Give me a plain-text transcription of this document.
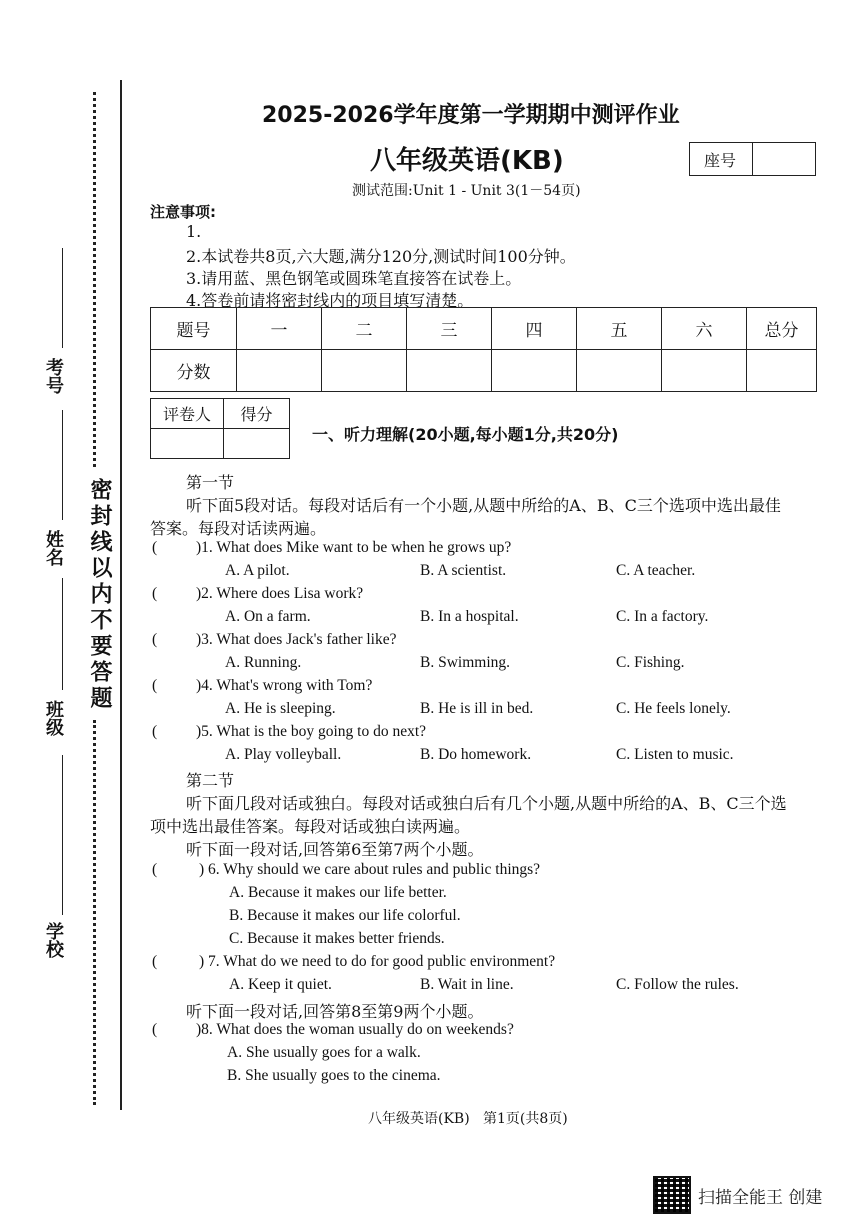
密封线以内不要答题
考号
姓名
班级
学校
2025-2026学年度第一学期期中测评作业
八年级英语(KB)	座号
测试范围:Unit 1 - Unit 3(1－54页)
注意事项:
1.
2.本试卷共8页,六大题,满分120分,测试时间100分钟。
3.请用蓝、黑色钢笔或圆珠笔直接答在试卷上。
4.答卷前请将密封线内的项目填写清楚。
题号	一	二	三	四	五	六	总分
分数							
评卷人	得分

一、听力理解(20小题,每小题1分,共20分)
第一节
听下面5段对话。每段对话后有一个小题,从题中所给的A、B、C三个选项中选出最佳
答案。每段对话读两遍。
(	)1. What does Mike want to be when he grows up?
A. A pilot.	B. A scientist.	C. A teacher.
(	)2. Where does Lisa work?
A. On a farm.	B. In a hospital.	C. In a factory.
(	)3. What does Jack's father like?
A. Running.	B. Swimming.	C. Fishing.
(	)4. What's wrong with Tom?
A. He is sleeping.	B. He is ill in bed.	C. He feels lonely.
(	)5. What is the boy going to do next?
A. Play volleyball.	B. Do homework.	C. Listen to music.
第二节
听下面几段对话或独白。每段对话或独白后有几个小题,从题中所给的A、B、C三个选
项中选出最佳答案。每段对话或独白读两遍。
听下面一段对话,回答第6至第7两个小题。
(	) 6. Why should we care about rules and public things?
A. Because it makes our life better.
B. Because it makes our life colorful.
C. Because it makes better friends.
(	) 7. What do we need to do for good public environment?
A. Keep it quiet.	B. Wait in line.	C. Follow the rules.
听下面一段对话,回答第8至第9两个小题。
(	)8. What does the woman usually do on weekends?
A. She usually goes for a walk.
B. She usually goes to the cinema.
八年级英语(KB)   第1页(共8页)
扫描全能王 创建
